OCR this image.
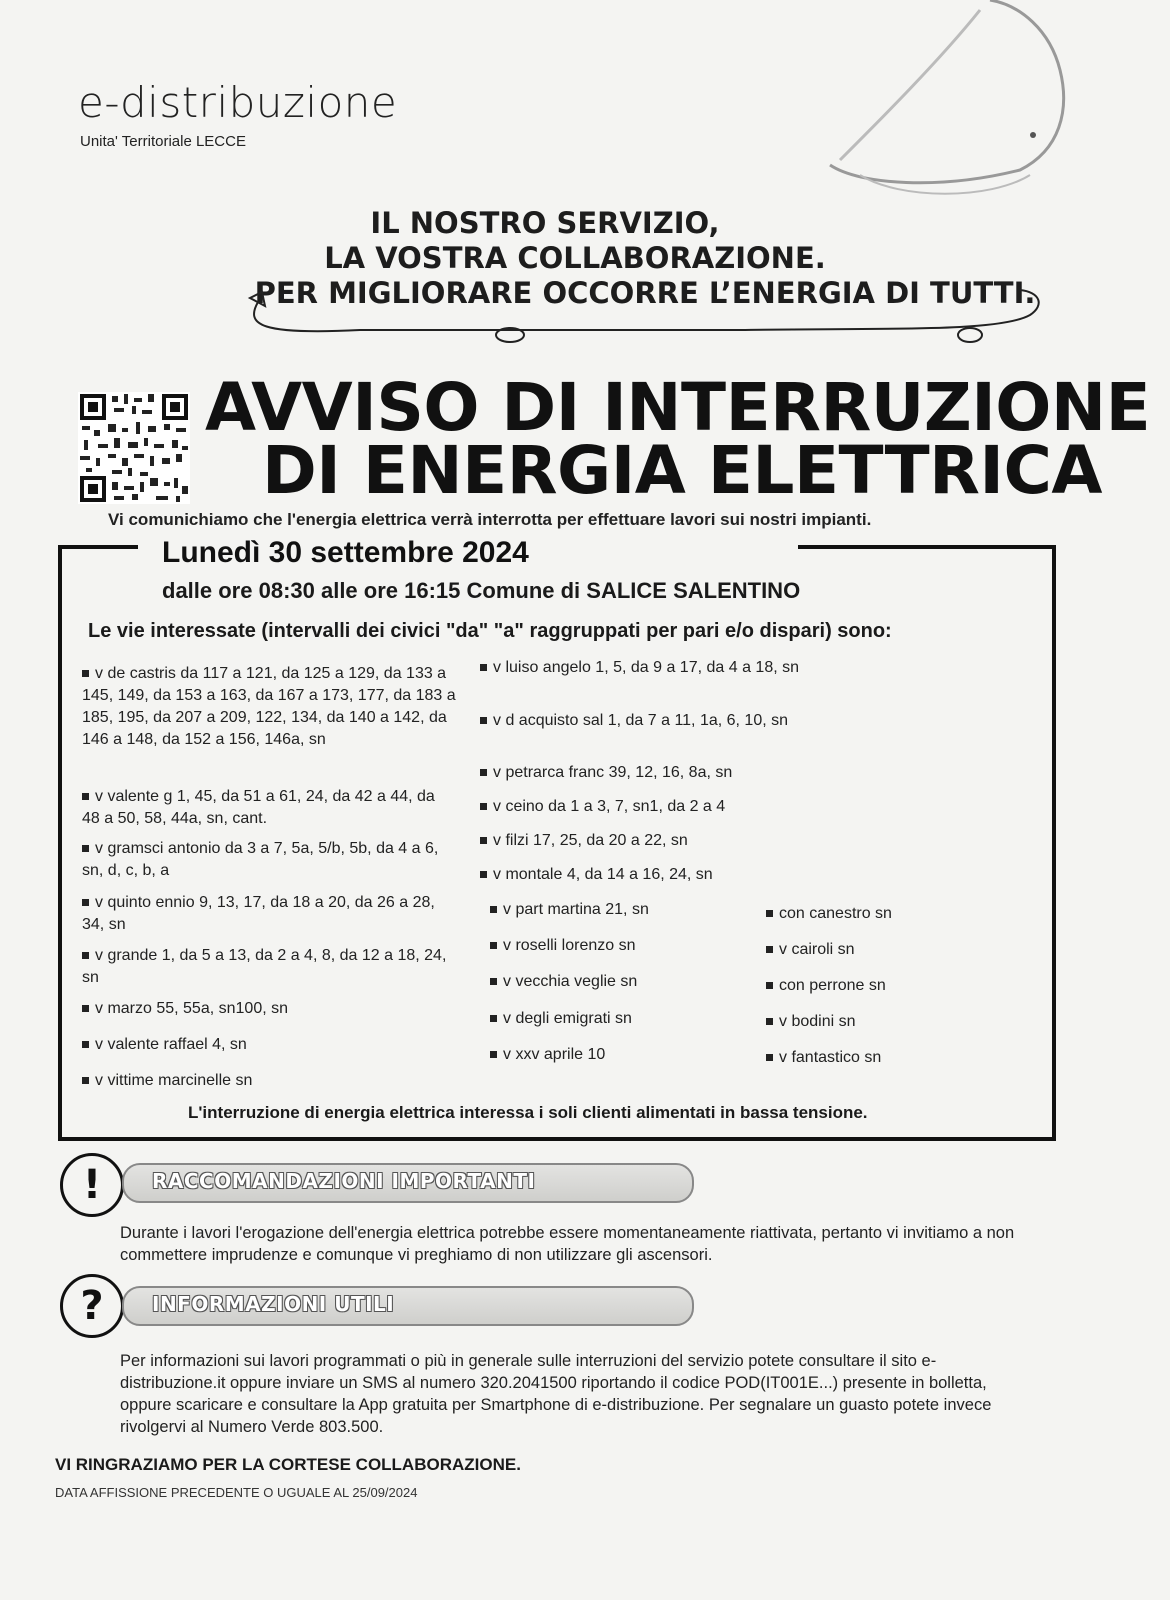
e-distribuzione
Unita' Territoriale LECCE
IL NOSTRO SERVIZIO,
LA VOSTRA COLLABORAZIONE.
PER MIGLIORARE OCCORRE L’ENERGIA DI TUTTI.
AVVISO DI INTERRUZIONE
DI ENERGIA ELETTRICA
Vi comunichiamo che l'energia elettrica verrà interrotta per effettuare lavori sui nostri impianti.
Lunedì 30 settembre 2024
dalle ore 08:30 alle ore 16:15 Comune di SALICE SALENTINO
Le vie interessate (intervalli dei civici "da" "a" raggruppati per pari e/o dispari) sono:
v de castris da 117 a 121, da 125 a 129, da 133 a 145, 149, da 153 a 163, da 167 a 173, 177, da 183 a 185, 195, da 207 a 209, 122, 134, da 140 a 142, da 146 a 148, da 152 a 156, 146a, sn
v valente g 1, 45, da 51 a 61, 24, da 42 a 44, da 48 a 50, 58, 44a, sn, cant.
v gramsci antonio da 3 a 7, 5a, 5/b, 5b, da 4 a 6, sn, d, c, b, a
v quinto ennio 9, 13, 17, da 18 a 20, da 26 a 28, 34, sn
v grande 1, da 5 a 13, da 2 a 4, 8, da 12 a 18, 24, sn
v marzo 55, 55a, sn100, sn
v valente raffael 4, sn
v vittime marcinelle sn
v luiso angelo 1, 5, da 9 a 17, da 4 a 18, sn
v d acquisto sal 1, da 7 a 11, 1a, 6, 10, sn
v petrarca franc 39, 12, 16, 8a, sn
v ceino da 1 a 3, 7, sn1, da 2 a 4
v filzi 17, 25, da 20 a 22, sn
v montale 4, da 14 a 16, 24, sn
v part martina 21, sn
v roselli lorenzo sn
v vecchia veglie sn
v degli emigrati sn
v xxv aprile 10
con canestro sn
v cairoli sn
con perrone sn
v bodini sn
v fantastico sn
L'interruzione di energia elettrica interessa i soli clienti alimentati in bassa tensione.
!	RACCOMANDAZIONI IMPORTANTI
Durante i lavori l'erogazione dell'energia elettrica potrebbe essere momentaneamente riattivata, pertanto vi invitiamo a non commettere imprudenze e comunque vi preghiamo di non utilizzare gli ascensori.
?	INFORMAZIONI UTILI
Per informazioni sui lavori programmati o più in generale sulle interruzioni del servizio potete consultare il sito e-distribuzione.it oppure inviare un SMS al numero 320.2041500 riportando il codice POD(IT001E...) presente in bolletta, oppure scaricare e consultare la App gratuita per Smartphone di e-distribuzione. Per segnalare un guasto potete invece rivolgervi al Numero Verde 803.500.
VI RINGRAZIAMO PER LA CORTESE COLLABORAZIONE.
DATA AFFISSIONE PRECEDENTE O UGUALE AL 25/09/2024
